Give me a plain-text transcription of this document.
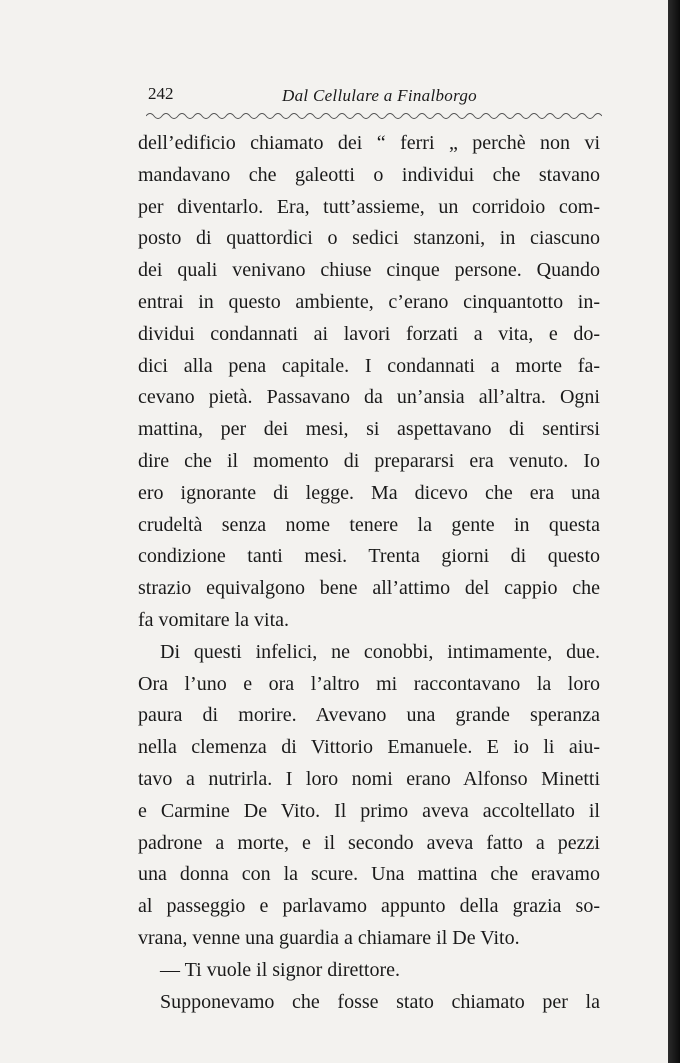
242	Dal Cellulare a Finalborgo
dell’edificio chiamato dei “ ferri „ perchè non vi
mandavano che galeotti o individui che stavano
per diventarlo. Era, tutt’assieme, un corridoio com-
posto di quattordici o sedici stanzoni, in ciascuno
dei quali venivano chiuse cinque persone. Quando
entrai in questo ambiente, c’erano cinquantotto in-
dividui condannati ai lavori forzati a vita, e do-
dici alla pena capitale. I condannati a morte fa-
cevano pietà. Passavano da un’ansia all’altra. Ogni
mattina, per dei mesi, si aspettavano di sentirsi
dire che il momento di prepararsi era venuto. Io
ero ignorante di legge. Ma dicevo che era una
crudeltà senza nome tenere la gente in questa
condizione tanti mesi. Trenta giorni di questo
strazio equivalgono bene all’attimo del cappio che
fa vomitare la vita.
Di questi infelici, ne conobbi, intimamente, due.
Ora l’uno e ora l’altro mi raccontavano la loro
paura di morire. Avevano una grande speranza
nella clemenza di Vittorio Emanuele. E io li aiu-
tavo a nutrirla. I loro nomi erano Alfonso Minetti
e Carmine De Vito. Il primo aveva accoltellato il
padrone a morte, e il secondo aveva fatto a pezzi
una donna con la scure. Una mattina che eravamo
al passeggio e parlavamo appunto della grazia so-
vrana, venne una guardia a chiamare il De Vito.
— Ti vuole il signor direttore.
Supponevamo che fosse stato chiamato per la
